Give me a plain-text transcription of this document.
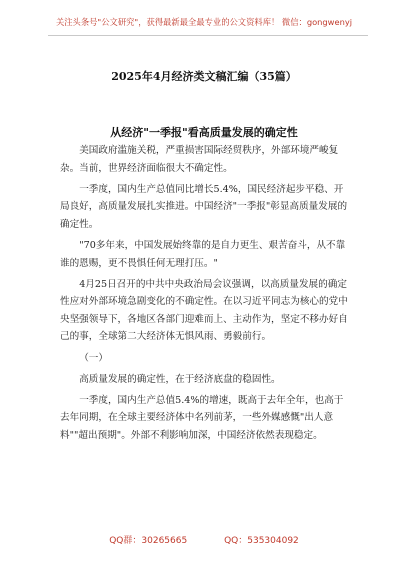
关注头条号"公文研究"，获得最新最全最专业的公文资料库！ 微信：gongwenyj
2025年4月经济类文稿汇编（35篇）
从经济"一季报"看高质量发展的确定性

美国政府滥施关税，严重损害国际经贸秩序，外部环境严峻复杂。当前，世界经济面临很大不确定性。

一季度，国内生产总值同比增长5.4%，国民经济起步平稳、开局良好，高质量发展扎实推进。中国经济"一季报"彰显高质量发展的确定性。

"70多年来，中国发展始终靠的是自力更生、艰苦奋斗，从不靠谁的恩赐，更不畏惧任何无理打压。"

4月25日召开的中共中央政治局会议强调，以高质量发展的确定性应对外部环境急剧变化的不确定性。在以习近平同志为核心的党中央坚强领导下，各地区各部门迎难而上、主动作为，坚定不移办好自己的事，全球第二大经济体无惧风雨、勇毅前行。

（一）

高质量发展的确定性，在于经济底盘的稳固性。

一季度，国内生产总值5.4%的增速，既高于去年全年，也高于去年同期，在全球主要经济体中名列前茅，一些外媒感慨"出人意料""超出预期"。外部不利影响加深，中国经济依然表现稳定。

QQ群：30265665	QQ：535304092
